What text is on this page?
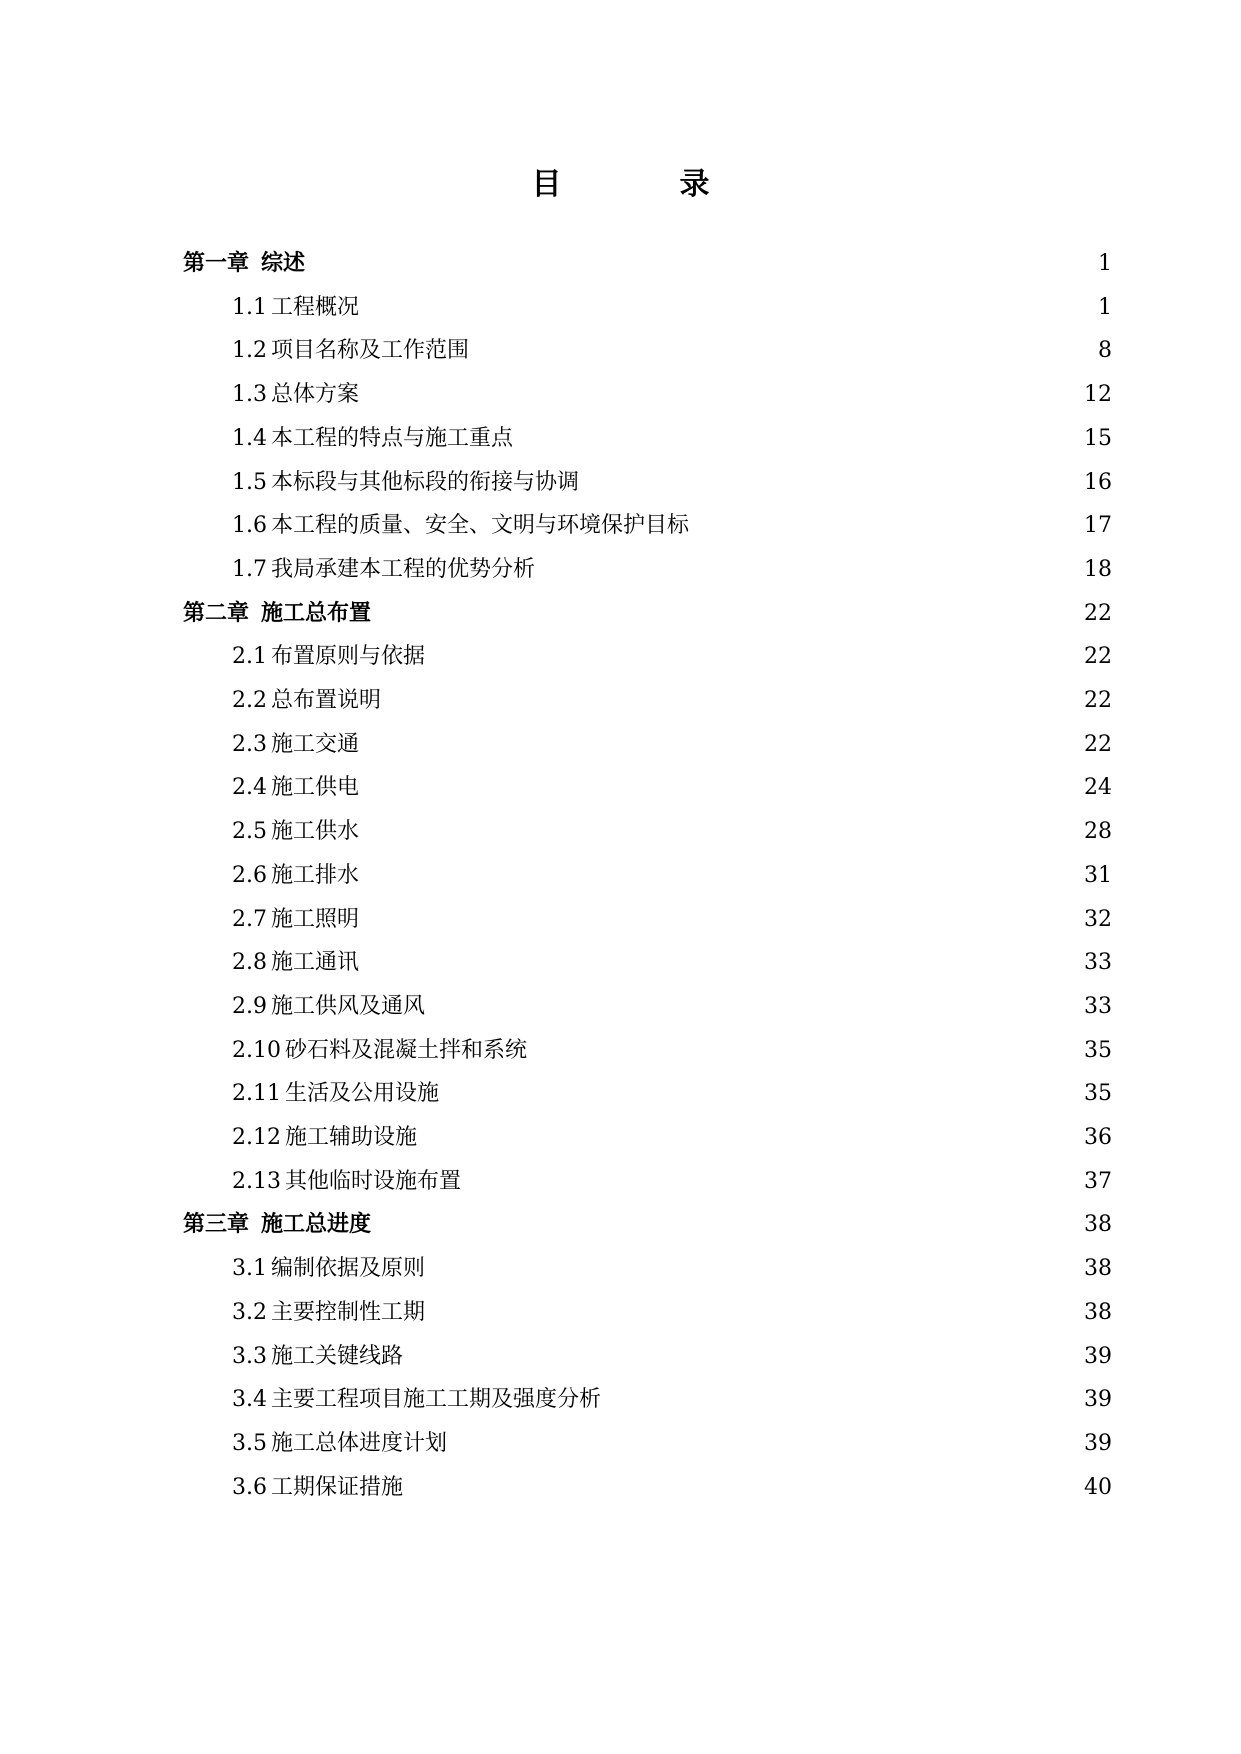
目　录
第一章 综述	1
1.1 工程概况	1
1.2 项目名称及工作范围	8
1.3 总体方案	12
1.4 本工程的特点与施工重点	15
1.5 本标段与其他标段的衔接与协调	16
1.6 本工程的质量、安全、文明与环境保护目标	17
1.7 我局承建本工程的优势分析	18
第二章 施工总布置	22
2.1 布置原则与依据	22
2.2 总布置说明	22
2.3 施工交通	22
2.4 施工供电	24
2.5 施工供水	28
2.6 施工排水	31
2.7 施工照明	32
2.8 施工通讯	33
2.9 施工供风及通风	33
2.10 砂石料及混凝土拌和系统	35
2.11 生活及公用设施	35
2.12 施工辅助设施	36
2.13 其他临时设施布置	37
第三章 施工总进度	38
3.1 编制依据及原则	38
3.2 主要控制性工期	38
3.3 施工关键线路	39
3.4 主要工程项目施工工期及强度分析	39
3.5 施工总体进度计划	39
3.6 工期保证措施	40
